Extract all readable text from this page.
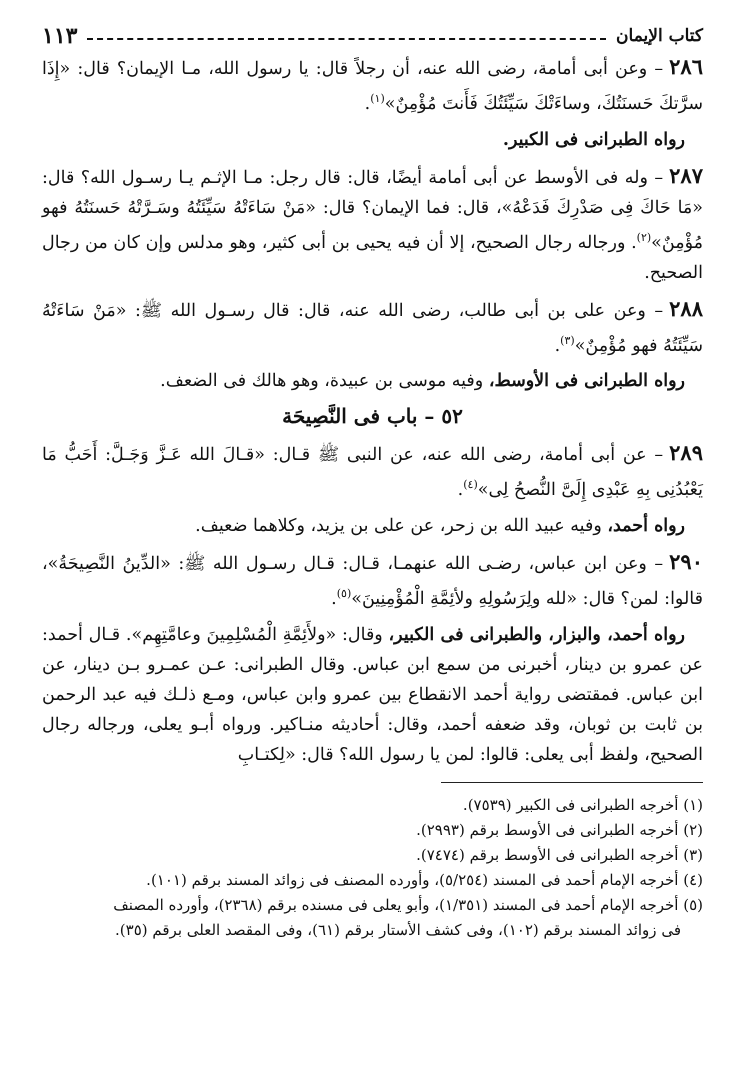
كتاب الإيمان
١١٣

٢٨٦– وعن أبى أمامة، رضى الله عنه، أن رجلاً قال: يا رسول الله، مـا الإيمان؟ قال: «إِذَا سرَّتكَ حَسنَتُكَ، وساءَتْكَ سَيِّئَتُكَ فَأَنتَ مُؤْمِنٌ»$^{(١)}$.

رواه الطبرانى فى الكبير.

٢٨٧– وله فى الأوسط عن أبى أمامة أيضًا، قال: قال رجل: مـا الإثـم يـا رسـول الله؟ قال: «مَا حَاكَ فِى صَدْرِكَ فَدَعْهُ»، قال: فما الإيمان؟ قال: «مَنْ سَاءَتْهُ سَيِّئَتُهُ وسَـرَّتْهُ حَسنَتُهُ فهو مُؤْمِنٌ»$^{(٢)}$. ورجاله رجال الصحيح، إلا أن فيه يحيى بن أبى كثير، وهو مدلس وإن كان من رجال الصحيح.

٢٨٨– وعن على بن أبى طالب، رضى الله عنه، قال: قال رسـول الله ﷺ: «مَنْ سَاءَتْهُ سَيِّئَتُهُ فهو مُؤْمِنٌ»$^{(٣)}$.

رواه الطبرانى فى الأوسط، وفيه موسى بن عبيدة، وهو هالك فى الضعف.

٥٢ – باب فى النَّصِيحَة

٢٨٩– عن أبى أمامة، رضى الله عنه، عن النبى ﷺ قـال: «قـالَ الله عَـزَّ وَجَـلَّ: أَحَبُّ مَا يَعْبُدُنِى بِهِ عَبْدِى إِلَىَّ النُّصحُ لِى»$^{(٤)}$.

رواه أحمد، وفيه عبيد الله بن زحر، عن على بن يزيد، وكلاهما ضعيف.

٢٩٠– وعن ابن عباس، رضـى الله عنهمـا، قـال: قـال رسـول الله ﷺ: «الدِّينُ النَّصِيحَةُ»، قالوا: لمن؟ قال: «لله ولِرَسُولِهِ ولأئِمَّةِ الْمُؤْمِنِينَ»$^{(٥)}$.

رواه أحمد، والبزار، والطبرانى فى الكبير، وقال: «ولأَئِمَّةِ الْمُسْلِمِينَ وعامَّتِهِم». قـال أحمد: عن عمرو بن دينار، أخبرنى من سمع ابن عباس. وقال الطبرانى: عـن عمـرو بـن دينار، عن ابن عباس. فمقتضى رواية أحمد الانقطاع بين عمرو وابن عباس، ومـع ذلـك فيه عبد الرحمن بن ثابت بن ثوبان، وقد ضعفه أحمد، وقال: أحاديثه منـاكير. ورواه أبـو يعلى، ورجاله رجال الصحيح، ولفظ أبى يعلى: قالوا: لمن يا رسول الله؟ قال: «لِكتـابِ

(١) أخرجه الطبرانى فى الكبير (٧٥٣٩).

(٢) أخرجه الطبرانى فى الأوسط برقم (٢٩٩٣).

(٣) أخرجه الطبرانى فى الأوسط برقم (٧٤٧٤).

(٤) أخرجه الإمام أحمد فى المسند (٥/٢٥٤)، وأورده المصنف فى زوائد المسند برقم (١٠١).

(٥) أخرجه الإمام أحمد فى المسند (١/٣٥١)، وأبو يعلى فى مسنده برقم (٢٣٦٨)، وأورده المصنف

فى زوائد المسند برقم (١٠٢)، وفى كشف الأستار برقم (٦١)، وفى المقصد العلى برقم (٣٥).
